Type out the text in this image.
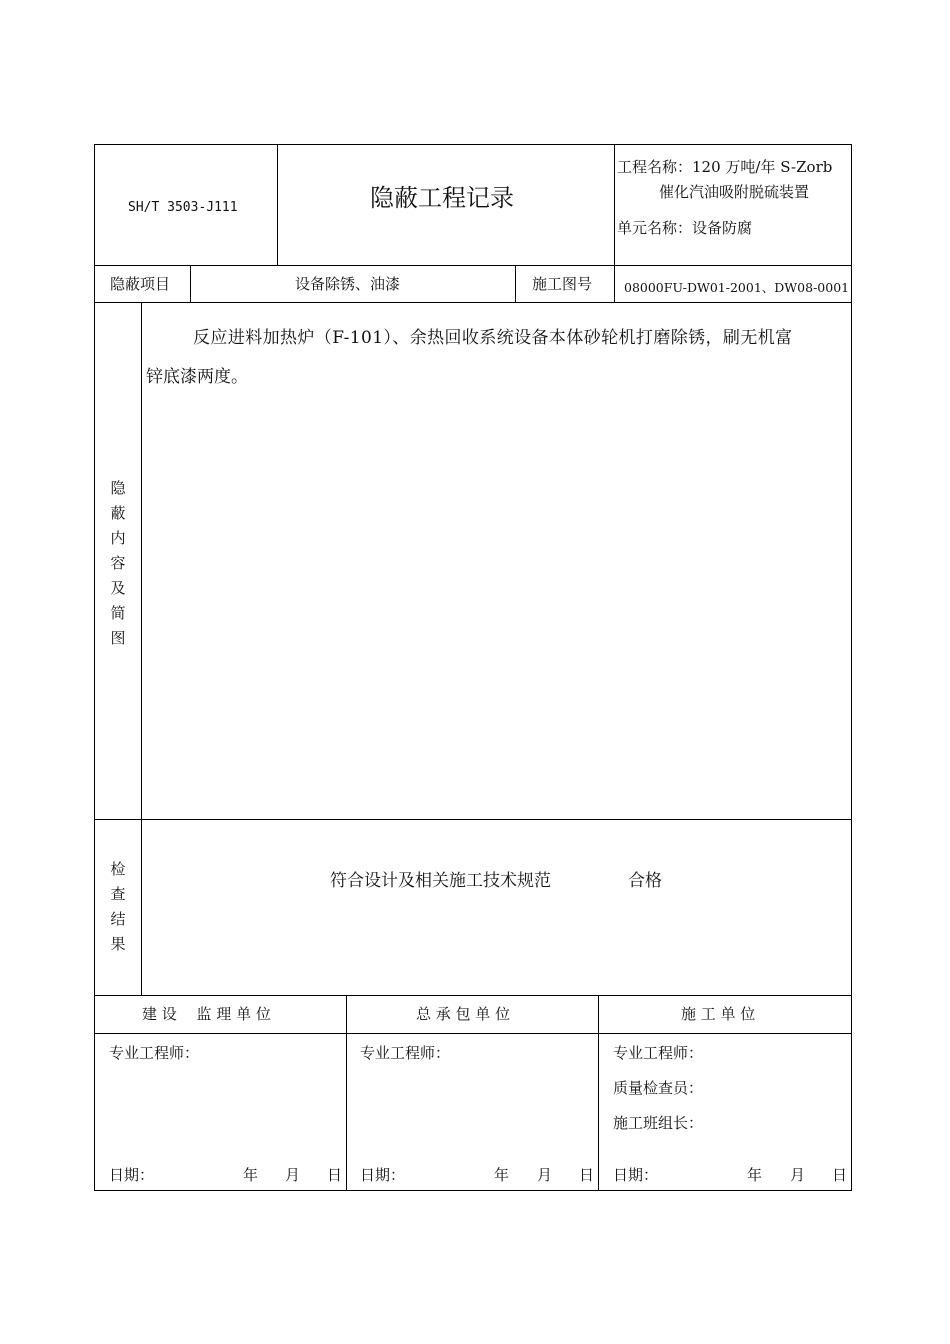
SH/T 3503-J111	隐蔽工程记录
工程名称：120 万吨/年 S-Zorb
催化汽油吸附脱硫装置
单元名称：设备防腐
隐蔽项目	设备除锈、油漆	施工图号	08000FU-DW01-2001、DW08-0001
隐
蔽
内
容
及
简
图
反应进料加热炉（F-101）、余热回收系统设备本体砂轮机打磨除锈，刷无机富
锌底漆两度。
检
查
结
果
符合设计及相关施工技术规范	合格
建 设　 监 理 单 位	总 承 包 单 位	施 工 单 位
专业工程师：
日期：	年 月 日
专业工程师：
日期：	年 月 日
专业工程师：
质量检查员：
施工班组长：
日期：	年 月 日
